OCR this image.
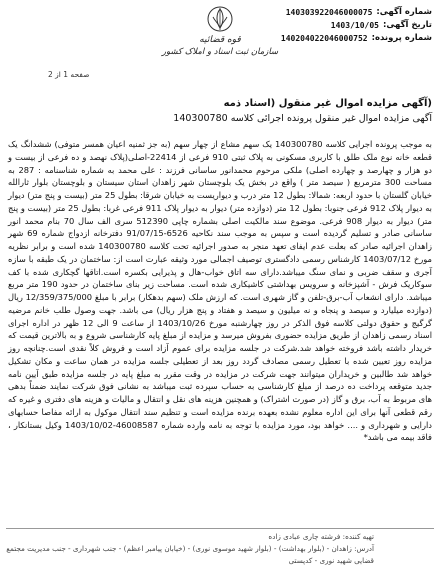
شماره آگهی:
140303922046000075
تاریخ آگهی:
1403/10/05
شماره پرونده:
140204022046000752
صفحه 1 از 2
قوه قضائیه
سازمان ثبت اسناد و املاک کشور
(آگهی مزایده اموال غیر منقول (اسناد ذمه
آگهی مزایده اموال غیر منقول پرونده اجرائی کلاسه 140300780
به موجب پرونده اجرایی کلاسه 140300780 یک سهم مشاع از چهار سهم (به جز ثمنیه اعیان همسر متوفی) ششدانگ یک قطعه خانه نوع ملک طلق با کاربری مسکونی به پلاک ثبتی 910 فرعی از 22414-اصلی(پلاک نهصد و ده فرعی از بیست و دو هزار و چهارصد و چهارده اصلی) ملکی مرحوم محمدانور ساسانی فرزند : علی محمد به شماره شناسنامه : 287 به مساحت 300 مترمربع ( سیصد متر ) واقع در بخش یک بلوچستان شهر زاهدان استان سیستان و بلوچستان بلوار ثارالله خیابان گلستان با حدود اربعه: شمالا: بطول 12 متر درب و دیواریست به خیابان شرقا: بطول 25 متر (بیست و پنج متر) دیوار به دیوار پلاک 912 فرعی جنوبا: بطول 12 متر (دوازده متر) دیوار به دیوار پلاک 911 فرعی غربا: بطول 25 متر (بیست و پنج متر) دیوار به دیوار 908 فرعی. موضوع سند مالکیت اصلی بشماره چاپی 512390 سری الف سال 70 بنام محمد انور ساسانی صادر و تسلیم گردیده است و سپس به موجب سند نکاحیه 6526-91/07/15 دفترخانه ازدواج شماره 69 شهر زاهدان اجرائیه صادر که بعلت عدم ایفای تعهد منجر به صدور اجرائیه تحت کلاسه 140300780 شده است و برابر نظریه مورخ 1403/07/12 کارشناس رسمی دادگستری توصیف اجمالی مورد وثیقه عبارت است از: ساختمان در یک طبقه با سازه آجری و سقف ضربی و نمای سنگ میباشد.دارای سه اتاق خواب-هال و پذیرایی بکسره است.اتاقها گچکاری شده با کف سوکاریک فرش - آشپزخانه و سرویس بهداشتی کاشیکاری شده است. مساحت زیر بنای ساختمان در حدود 190 متر مربع میباشد. دارای انشعاب آب-برق-تلفن و گاز شهری است. که ارزش ملک (سهم بدهکار) برابر با مبلغ 12/359/375/000 ریال (دوازده میلیارد و سیصد و پنجاه و نه میلیون و سیصد و هفتاد و پنج هزار ریال) می باشد. جهت وصول طلب خانم مرضیه گرگیج و حقوق دولتی کلاسه فوق الذکر در روز چهارشنبه مورخ 1403/10/26 از ساعت 9 الی 12 ظهر در اداره اجرای اسناد رسمی زاهدان از طریق مزایده حضوری بفروش میرسد و مزایده از مبلغ پایه کارشناسی شروع و به بالاترین قیمت که خریدار داشته باشد فروخته خواهد شد.شرکت در جلسه مزایده برای عموم آزاد است و فروش کلاً نقدی است.چنانچه روز مزایده روز تعیین شده با تعطیل رسمی مصادف گردد روز بعد از تعطیلی جلسه مزایده در همان ساعت و مکان تشکیل خواهد شد طالبین و خریداران میتوانند جهت شرکت در مزایده در وقت مقرر به مبلغ پایه در جلسه مزایده طبق آیین نامه جدید متوقعه پرداخت ده درصد از مبلغ کارشناسی به حساب سپرده ثبت میباشد به نشانی فوق شرکت نمایند ضمناً بدهی های مربوط به آب، برق و گاز (در صورت اشتراک) و همچنین هزینه های نقل و انتقال و مالیات و هزینه های دفتری و غیره که رقم قطعی آنها برای این اداره معلوم نشده بعهده برنده مزایده است و تنظیم سند انتقال موکول به ارائه مفاصا حسابهای دارایی و شهرداری و .... خواهد بود، مورد مزایده با توجه به نامه وارده شماره 46008587-1403/10/02 وکیل بستانکار ، فاقد بیمه می باشد*
تهیه کننده: فرشته چاری عبادی زاده
آدرس: زاهدان - (بلوار بهداشت) - (بلوار شهید موسوی نوری) - (خیابان پیامبر اعظم) - جنب شهرداری - جنب مدیریت مجتمع قضایی شهید نوری - کدپستی
